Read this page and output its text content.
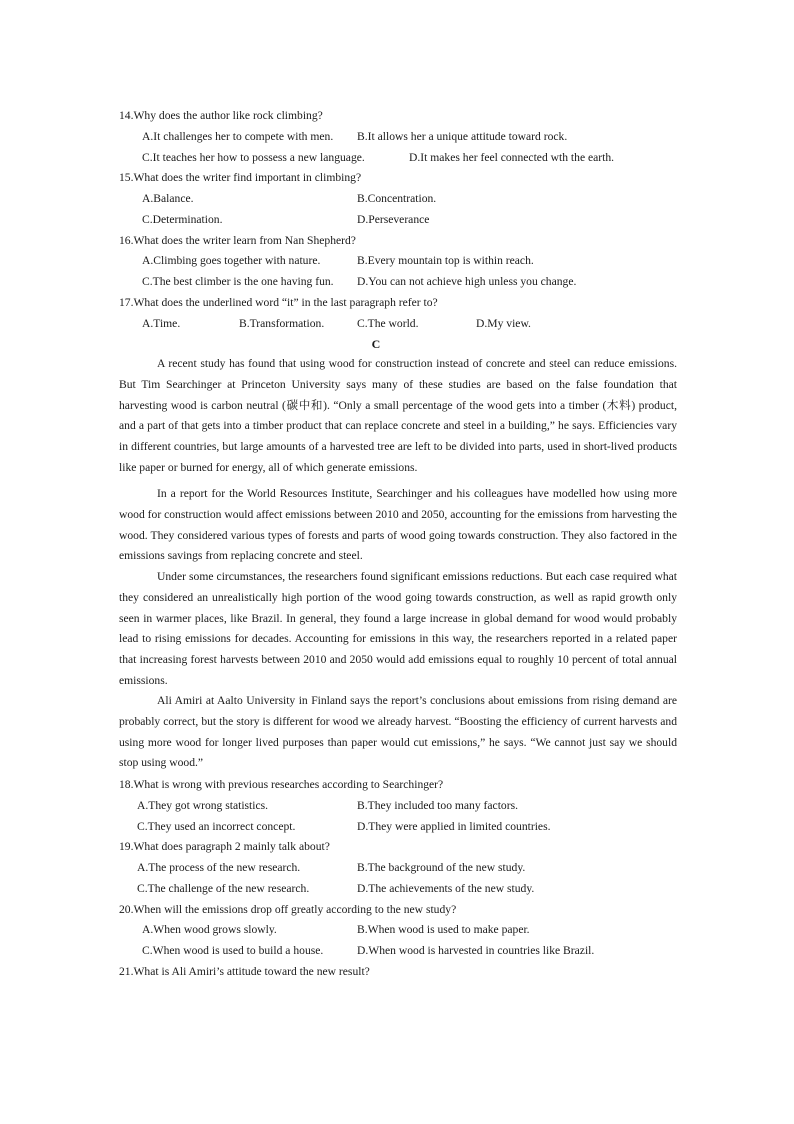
14.Why does the author like rock climbing?
A.It challenges her to compete with men. B.It allows her a unique attitude toward rock.
C.It teaches her how to possess a new language.	D.It makes her feel connected wth the earth.
15.What does the writer find important in climbing?
A.Balance.	B.Concentration.
C.Determination.	D.Perseverance
16.What does the writer learn from Nan Shepherd?
A.Climbing goes together with nature.	B.Every mountain top is within reach.
C.The best climber is the one having fun. D.You can not achieve high unless you change.
17.What does the underlined word “it” in the last paragraph refer to?
A.Time.	B.Transformation.	C.The world.	D.My view.
C

A recent study has found that using wood for construction instead of concrete and steel can reduce emissions. But Tim Searchinger at Princeton University says many of these studies are based on the false foundation that harvesting wood is carbon neutral (碳中和). “Only a small percentage of the wood gets into a timber (木料) product, and a part of that gets into a timber product that can replace concrete and steel in a building,” he says. Efficiencies vary in different countries, but large amounts of a harvested tree are left to be divided into parts, used in short-lived products like paper or burned for energy, all of which generate emissions.

In a report for the World Resources Institute, Searchinger and his colleagues have modelled how using more wood for construction would affect emissions between 2010 and 2050, accounting for the emissions from harvesting the wood. They considered various types of forests and parts of wood going towards construction. They also factored in the emissions savings from replacing concrete and steel.

Under some circumstances, the researchers found significant emissions reductions. But each case required what they considered an unrealistically high portion of the wood going towards construction, as well as rapid growth only seen in warmer places, like Brazil. In general, they found a large increase in global demand for wood would probably lead to rising emissions for decades. Accounting for emissions in this way, the researchers reported in a related paper that increasing forest harvests between 2010 and 2050 would add emissions equal to roughly 10 percent of total annual emissions.

Ali Amiri at Aalto University in Finland says the report’s conclusions about emissions from rising demand are probably correct, but the story is different for wood we already harvest. “Boosting the efficiency of current harvests and using more wood for longer lived purposes than paper would cut emissions,” he says. “We cannot just say we should stop using wood.”

18.What is wrong with previous researches according to Searchinger?
A.They got wrong statistics.	B.They included too many factors.
C.They used an incorrect concept.	D.They were applied in limited countries.
19.What does paragraph 2 mainly talk about?
A.The process of the new research.	B.The background of the new study.
C.The challenge of the new research.	D.The achievements of the new study.
20.When will the emissions drop off greatly according to the new study?
A.When wood grows slowly.	B.When wood is used to make paper.
C.When wood is used to build a house.	D.When wood is harvested in countries like Brazil.
21.What is Ali Amiri’s attitude toward the new result?
